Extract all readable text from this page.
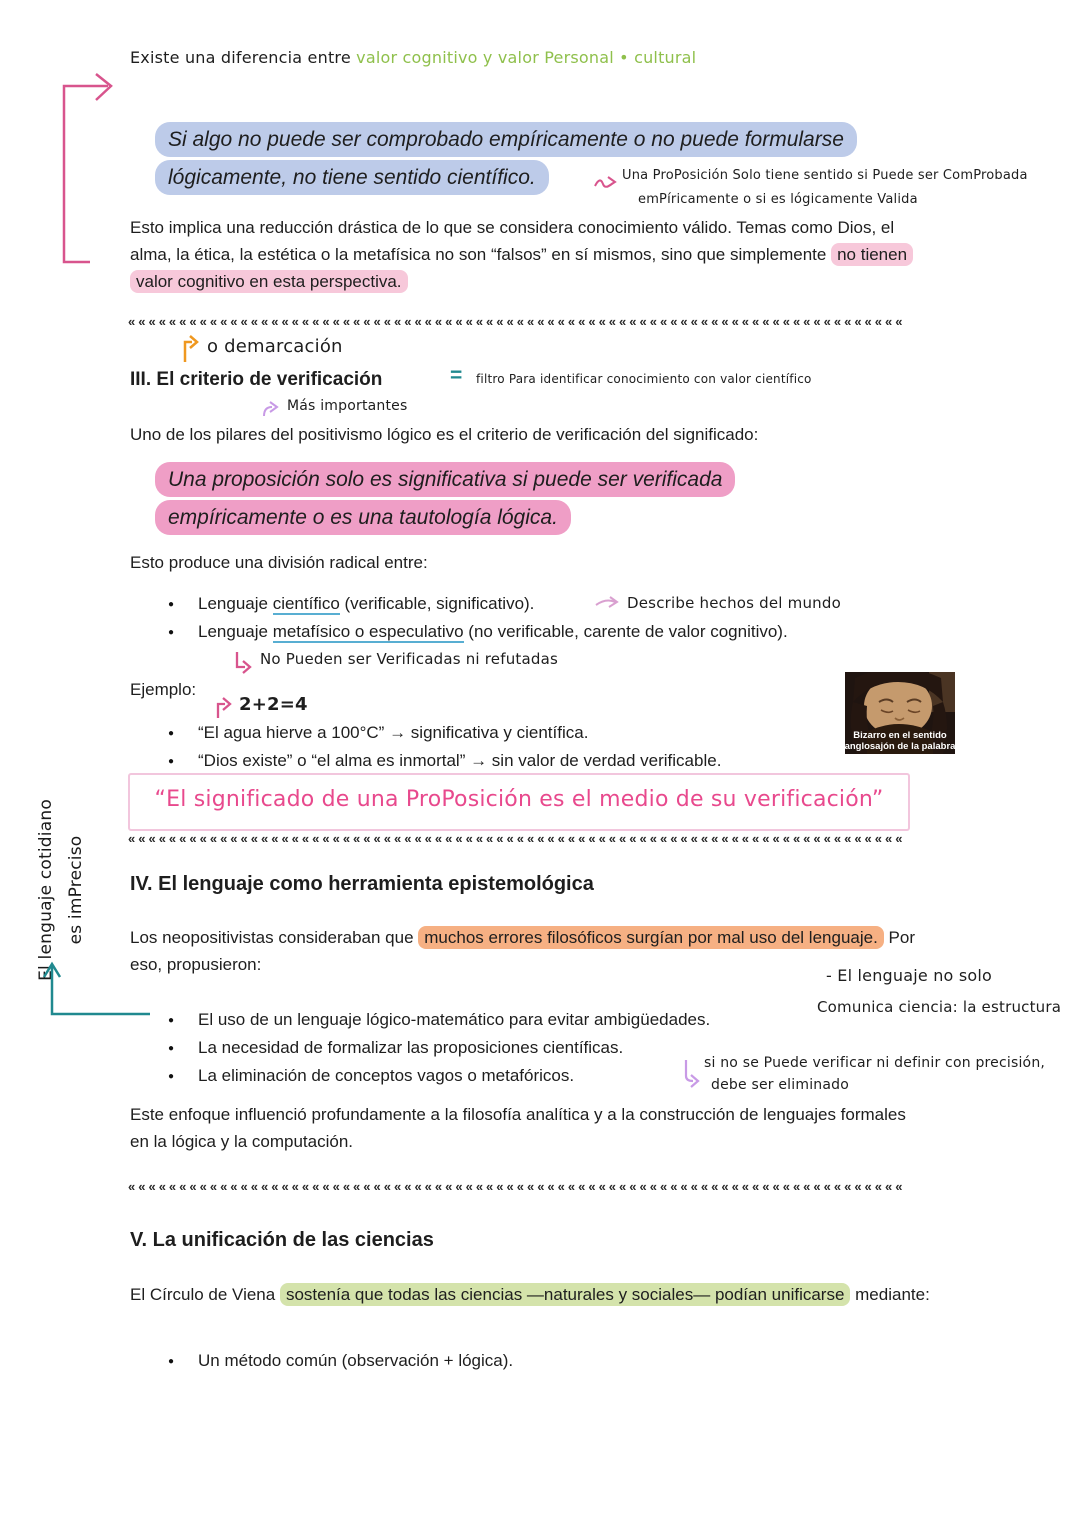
Existe una diferencia entre valor cognitivo y valor Personal • cultural
Si algo no puede ser comprobado empíricamente o no puede formularse
lógicamente, no tiene sentido científico.	Una ProPosición Solo tiene sentido si Puede ser ComProbada
emPíricamente o si es lógicamente Valida

Esto implica una reducción drástica de lo que se considera conocimiento válido. Temas como Dios, el alma, la ética, la estética o la metafísica no son “falsos” en sí mismos, sino que simplemente no tienen valor cognitivo en esta perspectiva.

««««««««««««««««««««««««««««««««««««««««««««««««««««««««««««««««««««««««««««
o demarcación
III. El criterio de verificación	= filtro Para identificar conocimiento con valor científico
Más importantes

Uno de los pilares del positivismo lógico es el criterio de verificación del significado:

Una proposición solo es significativa si puede ser verificada
empíricamente o es una tautología lógica.

Esto produce una división radical entre:

● Lenguaje científico (verificable, significativo).
● Lenguaje metafísico o especulativo (no verificable, carente de valor cognitivo).
Describe hechos del mundo
No Pueden ser Verificadas ni refutadas

Ejemplo:

2+2=4
● “El agua hierve a 100°C” → significativa y científica.
● “Dios existe” o “el alma es inmortal” → sin valor de verdad verificable.
Bizarro en el sentido
anglosajón de la palabra
“El significado de una ProPosición es el medio de su verificación”
««««««««««««««««««««««««««««««««««««««««««««««««««««««««««««««««««««««««««««
IV. El lenguaje como herramienta epistemológica

Los neopositivistas consideraban que muchos errores filosóficos surgían por mal uso del lenguaje. Por eso, propusieron:

- El lenguaje no solo
Comunica ciencia: la estructura
● El uso de un lenguaje lógico-matemático para evitar ambigüedades.
● La necesidad de formalizar las proposiciones científicas.
● La eliminación de conceptos vagos o metafóricos.
si no se Puede verificar ni definir con precisión,
debe ser eliminado
El lenguaje cotidiano es imPreciso

Este enfoque influenció profundamente a la filosofía analítica y a la construcción de lenguajes formales en la lógica y la computación.

««««««««««««««««««««««««««««««««««««««««««««««««««««««««««««««««««««««««««««
V. La unificación de las ciencias

El Círculo de Viena sostenía que todas las ciencias —naturales y sociales— podían unificarse mediante:

● Un método común (observación + lógica).
